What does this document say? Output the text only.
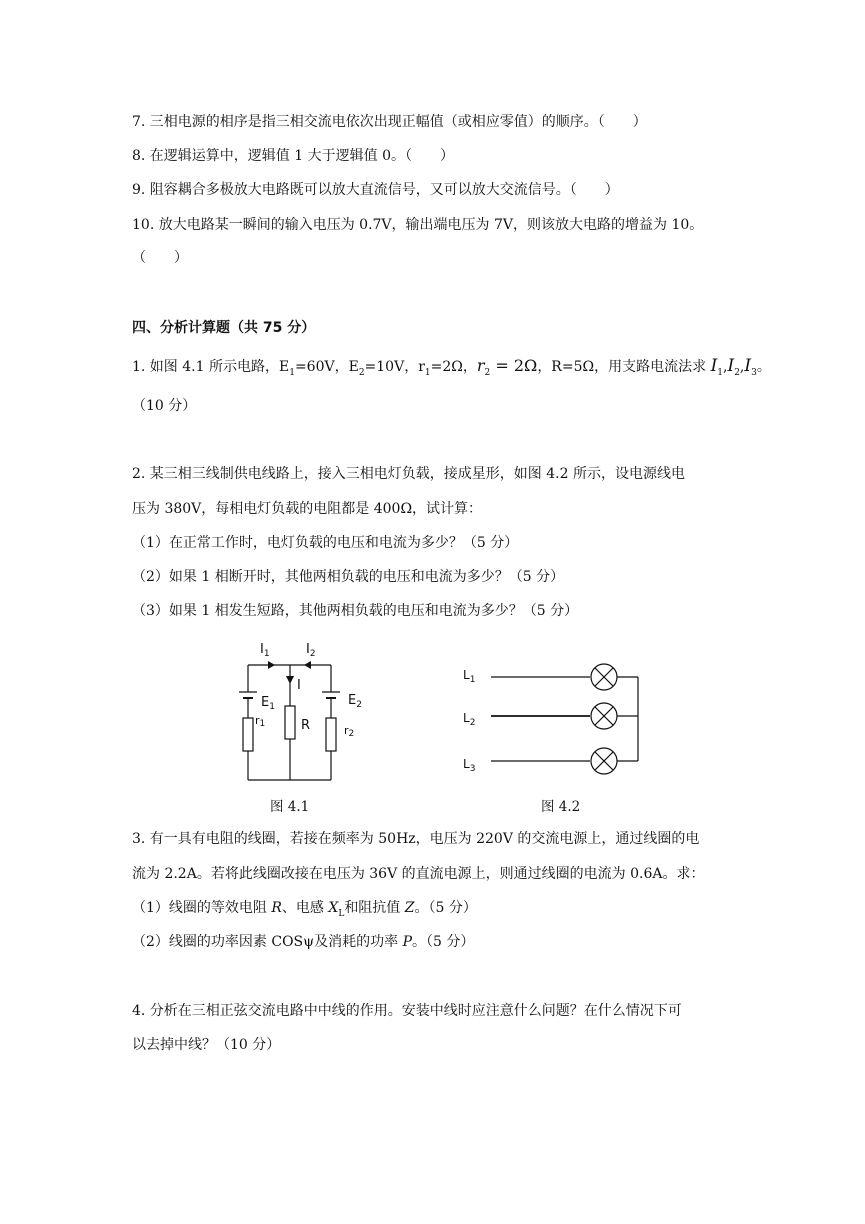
7. 三相电源的相序是指三相交流电依次出现正幅值（或相应零值）的顺序。（　　）
8. 在逻辑运算中，逻辑值 1 大于逻辑值 0。（　　）
9. 阻容耦合多极放大电路既可以放大直流信号，又可以放大交流信号。（　　）
10. 放大电路某一瞬间的输入电压为 0.7V，输出端电压为 7V，则该放大电路的增益为 10。
（　　）
四、分析计算题（共 75 分）
1. 如图 4.1 所示电路，$E_1=60V$，$E_2=10V$，$r_1=2\Omega$，$r_2 = 2\Omega$，R=5Ω，用支路电流法求 $I_1,I_2,I_3$。
（10 分）
2. 某三相三线制供电线路上，接入三相电灯负载，接成星形，如图 4.2 所示，设电源线电
压为 380V，每相电灯负载的电阻都是 400Ω，试计算：
（1）在正常工作时，电灯负载的电压和电流为多少？（5 分）
（2）如果 1 相断开时，其他两相负载的电压和电流为多少？（5 分）
（3）如果 1 相发生短路，其他两相负载的电压和电流为多少？（5 分）
$I_1$	$I_2$
I
$E_1$	$E_2$
r1	R	r2
图 4.1
$L_1$
$L_2$
$L_3$
图 4.2
3. 有一具有电阻的线圈，若接在频率为 50Hz，电压为 220V 的交流电源上，通过线圈的电
流为 2.2A。若将此线圈改接在电压为 36V 的直流电源上，则通过线圈的电流为 0.6A。求：
（1）线圈的等效电阻 R、电感 $X_L$和阻抗值 Z。（5 分）
（2）线圈的功率因素 COSψ及消耗的功率 P。（5 分）
4. 分析在三相正弦交流电路中中线的作用。安装中线时应注意什么问题？在什么情况下可
以去掉中线？（10 分）
